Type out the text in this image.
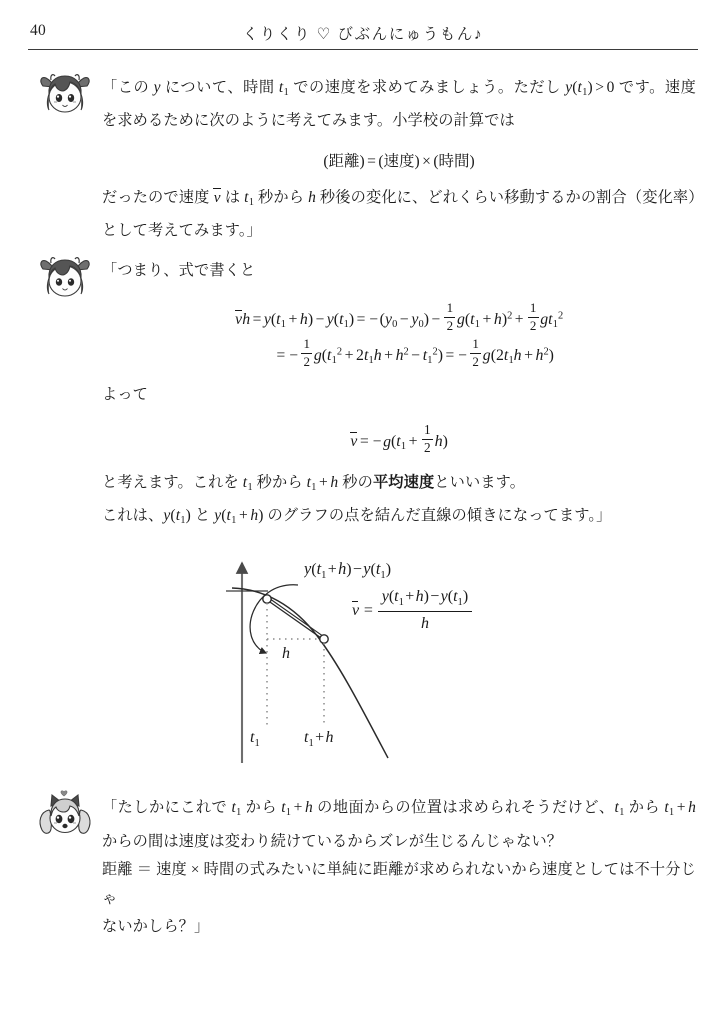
40	くりくり ♡ びぶんにゅうもん♪
「この y について、時間 $t_1$ での速度を求めてみましょう。ただし $y(t_1) > 0$ です。速度を求めるために次のように考えてみます。小学校の計算では
(距離) = (速度) × (時間)
だったので速度 v は $t_1$ 秒から h 秒後の変化に、どれくらい移動するかの割合（変化率）として考えてみます。」
「つまり、式で書くと
vh = $y(t_1 + h) - y(t_1) = -(y_0 - y_0) - \frac{1}{2} g(t_1 + h)^2 + \frac{1}{2} gt_1^2$
= − $\frac{1}{2} g(t_1^2 + 2t_1h + h^2 - t_1^2)$ = − $\frac{1}{2} g(2t_1h + h^2)$
よって
$v = -g(t_1 + \frac{1}{2} h)$
と考えます。これを $t_1$ 秒から $t_1 + h$ 秒の平均速度といいます。
これは、$y(t_1)$ と $y(t_1 + h)$ のグラフの点を結んだ直線の傾きになってます。」
$y(t_1$ + h) − $y(t_1)$
$v = \frac{y(t_1 + h) - y(t_1)}{h}$
h
$t_1$	$t_1$ + h
「たしかにこれで $t_1$ から $t_1 + h$ の地面からの位置は求められそうだけど、$t_1$ から $t_1 + h$ からの間は速度は変わり続けているからズレが生じるんじゃない？
距離 ＝ 速度 × 時間の式みたいに単純に距離が求められないから速度としては不十分じゃ
ないかしら？」
